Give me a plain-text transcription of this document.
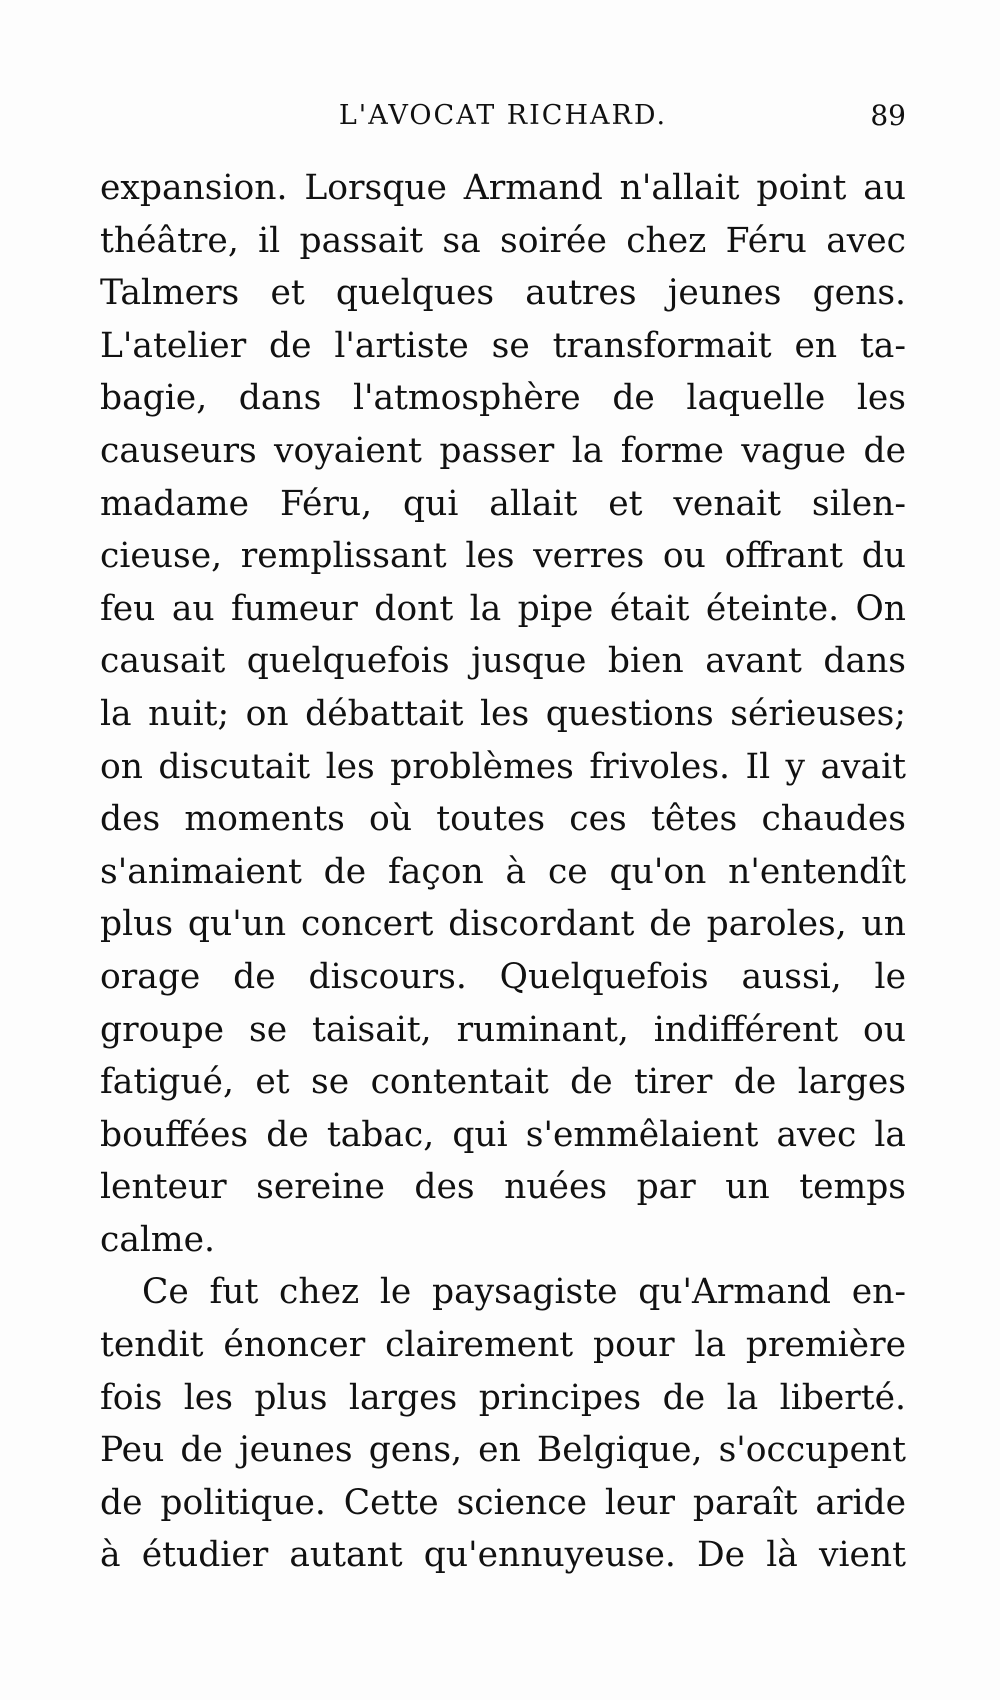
L'AVOCAT RICHARD.	89
expansion. Lorsque Armand n'allait point au
théâtre, il passait sa soirée chez Féru avec
Talmers et quelques autres jeunes gens.
L'atelier de l'artiste se transformait en ta-
bagie, dans l'atmosphère de laquelle les
causeurs voyaient passer la forme vague de
madame Féru, qui allait et venait silen-
cieuse, remplissant les verres ou offrant du
feu au fumeur dont la pipe était éteinte. On
causait quelquefois jusque bien avant dans
la nuit; on débattait les questions sérieuses;
on discutait les problèmes frivoles. Il y avait
des moments où toutes ces têtes chaudes
s'animaient de façon à ce qu'on n'entendît
plus qu'un concert discordant de paroles, un
orage de discours. Quelquefois aussi, le
groupe se taisait, ruminant, indifférent ou
fatigué, et se contentait de tirer de larges
bouffées de tabac, qui s'emmêlaient avec la
lenteur sereine des nuées par un temps
calme.
Ce fut chez le paysagiste qu'Armand en-
tendit énoncer clairement pour la première
fois les plus larges principes de la liberté.
Peu de jeunes gens, en Belgique, s'occupent
de politique. Cette science leur paraît aride
à étudier autant qu'ennuyeuse. De là vient
